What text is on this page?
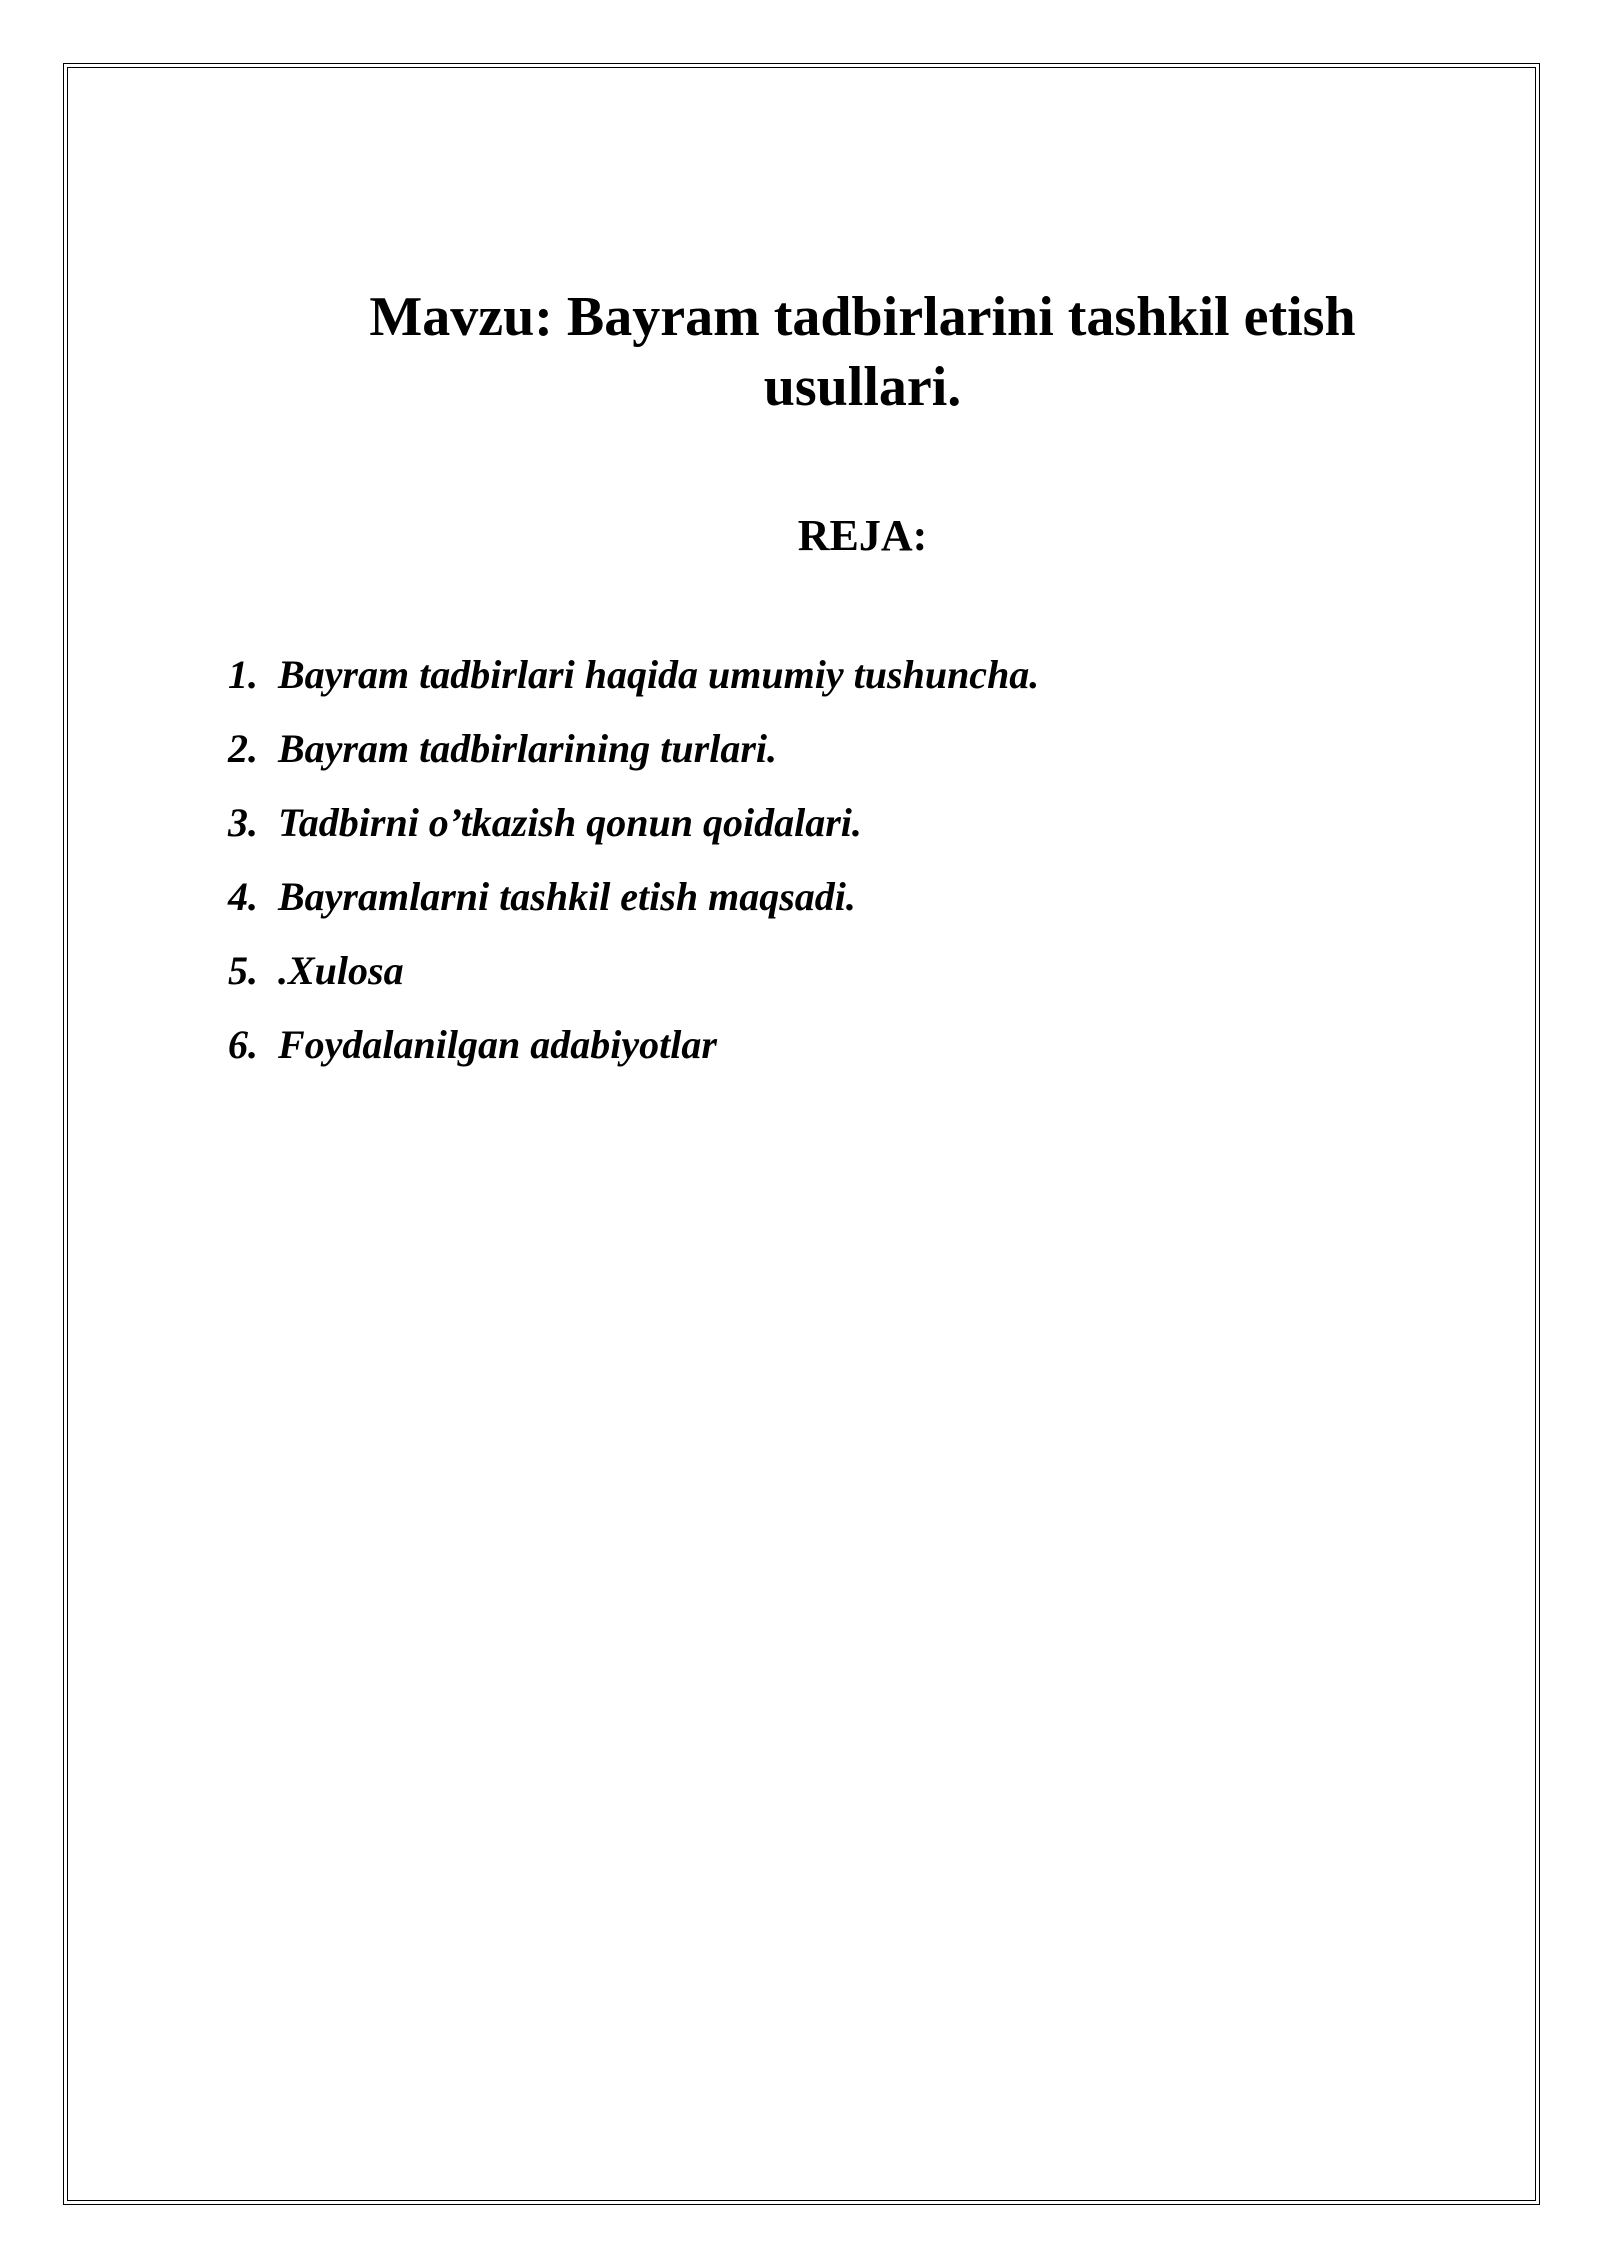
Mavzu: Bayram tadbirlarini tashkil etish usullari.
REJA:
1. Bayram tadbirlari haqida umumiy tushuncha.
2. Bayram tadbirlarining turlari.
3. Tadbirni o’tkazish qonun qoidalari.
4. Bayramlarni tashkil etish maqsadi.
5. .Xulosa
6. Foydalanilgan adabiyotlar
